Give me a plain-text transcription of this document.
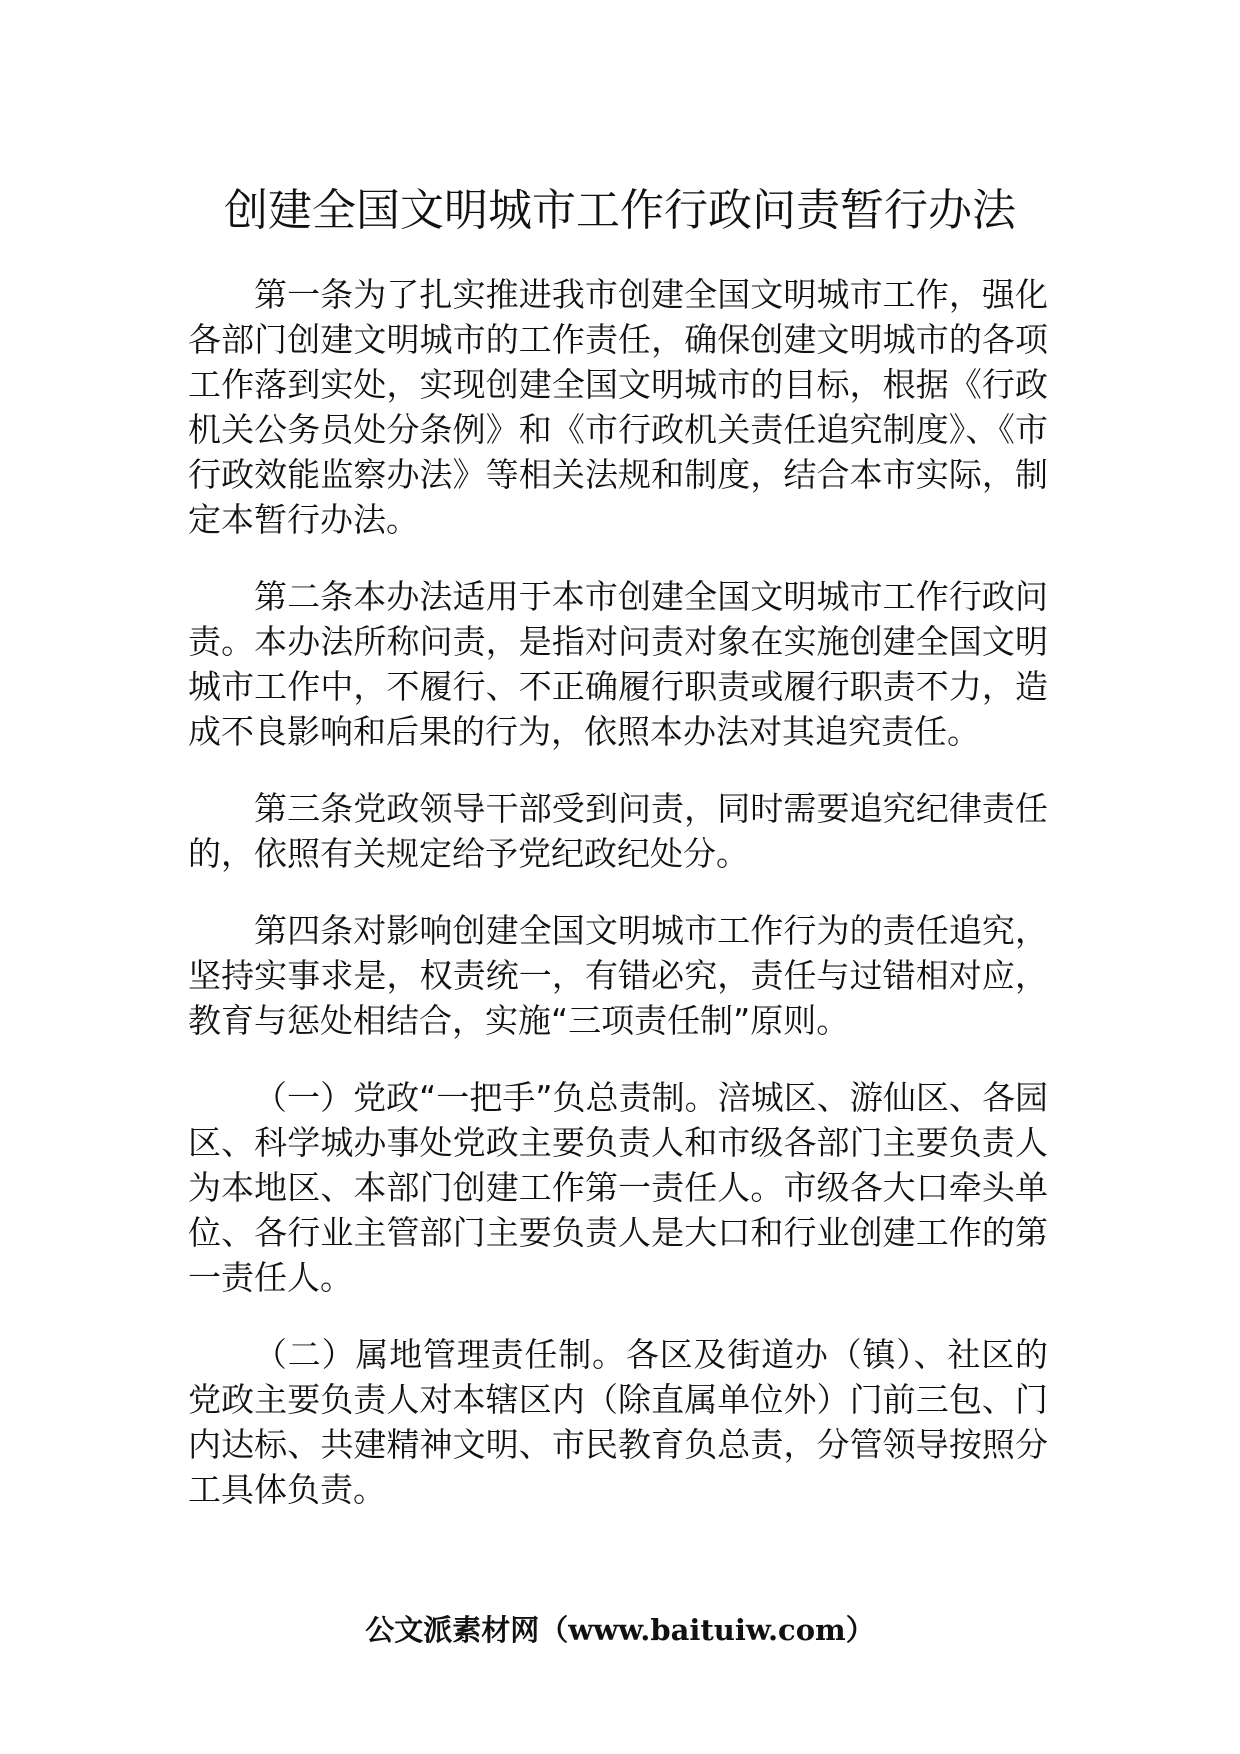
创建全国文明城市工作行政问责暂行办法

第一条为了扎实推进我市创建全国文明城市工作，强化各部门创建文明城市的工作责任，确保创建文明城市的各项工作落到实处，实现创建全国文明城市的目标，根据《行政机关公务员处分条例》和《市行政机关责任追究制度》、《市行政效能监察办法》等相关法规和制度，结合本市实际，制定本暂行办法。

第二条本办法适用于本市创建全国文明城市工作行政问责。本办法所称问责，是指对问责对象在实施创建全国文明城市工作中，不履行、不正确履行职责或履行职责不力，造成不良影响和后果的行为，依照本办法对其追究责任。

第三条党政领导干部受到问责，同时需要追究纪律责任的，依照有关规定给予党纪政纪处分。

第四条对影响创建全国文明城市工作行为的责任追究，坚持实事求是，权责统一，有错必究，责任与过错相对应，教育与惩处相结合，实施“三项责任制”原则。

（一）党政“一把手”负总责制。涪城区、游仙区、各园区、科学城办事处党政主要负责人和市级各部门主要负责人为本地区、本部门创建工作第一责任人。市级各大口牵头单位、各行业主管部门主要负责人是大口和行业创建工作的第一责任人。

（二）属地管理责任制。各区及街道办（镇）、社区的党政主要负责人对本辖区内（除直属单位外）门前三包、门内达标、共建精神文明、市民教育负总责，分管领导按照分工具体负责。

公文派素材网（www.baituiw.com）
